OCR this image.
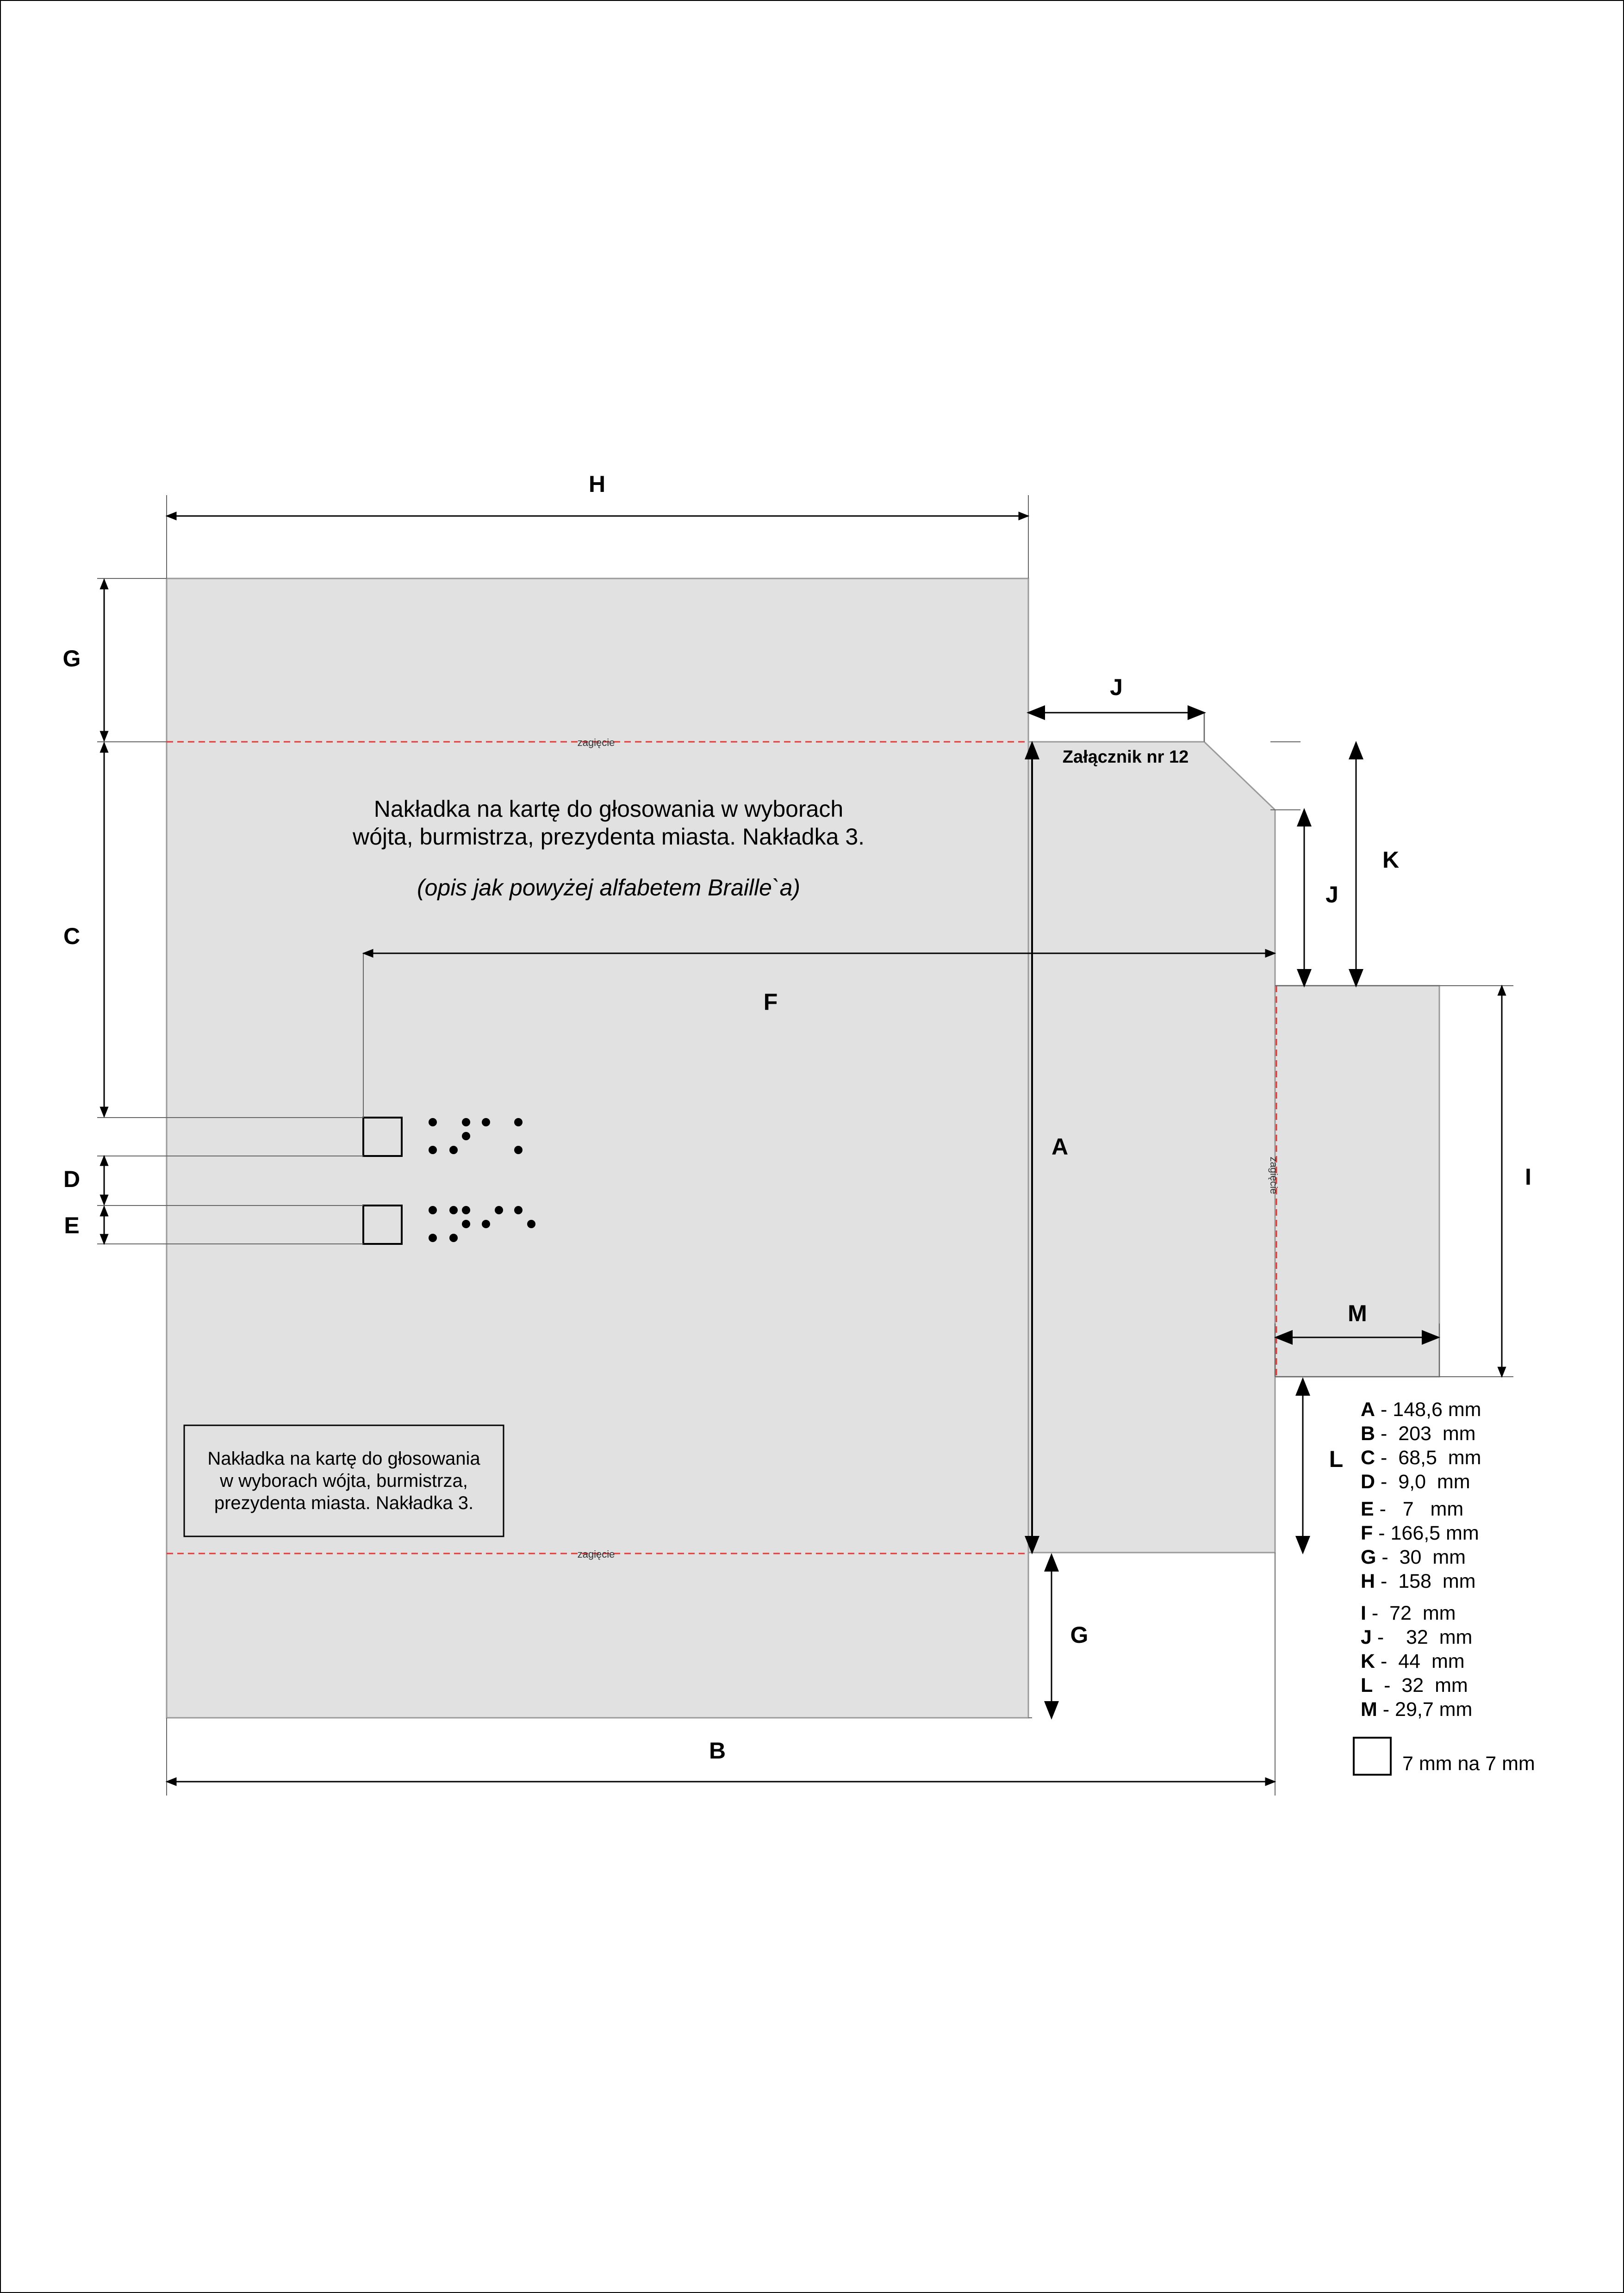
zagięcie
zagięcie
zagięcie
Załącznik nr 12
Nakładka na kartę do głosowania w wyborach
wójta, burmistrza, prezydenta miasta. Nakładka 3.
(opis jak powyżej alfabetem Braille`a)
Nakładka na kartę do głosowania
w wyborach wójta, burmistrza,
prezydenta miasta. Nakładka 3.
H
G
C
D
E
F
A
J
J
K
I
M
L
G
B
A - 148,6 mm
B -  203  mm
C -  68,5  mm
D -  9,0  mm
E -   7   mm
F - 166,5 mm
G -  30  mm
H -  158  mm
I -  72  mm
J -    32  mm
K -  44  mm
L  -  32  mm
M - 29,7 mm
7 mm na 7 mm
